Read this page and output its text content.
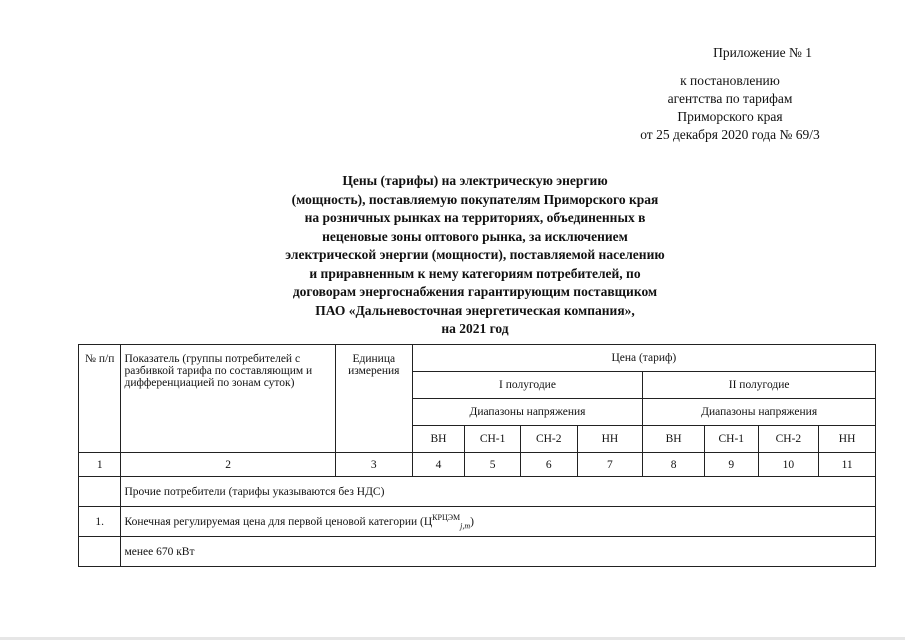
Приложение № 1
к постановлению
агентства по тарифам
Приморского края
от 25 декабря 2020 года № 69/3
Цены (тарифы) на электрическую энергию
(мощность), поставляемую покупателям Приморского края
на розничных рынках на территориях, объединенных в
неценовые зоны оптового рынка, за исключением
электрической энергии (мощности), поставляемой населению
и приравненным к нему категориям потребителей, по
договорам энергоснабжения гарантирующим поставщиком
ПАО «Дальневосточная энергетическая компания»,
на 2021 год
№ п/п	Показатель (группы потребителей с разбивкой тарифа по составляющим и дифференциацией по зонам суток)	Единица измерения	Цена (тариф)							
			I полугодие				II полугодие			
			Диапазоны напряжения				Диапазоны напряжения			
			ВН	СН-1	СН-2	НН	ВН	СН-1	СН-2	НН
1	2	3	4	5	6	7	8	9	10	11
	Прочие потребители (тарифы указываются без НДС)									
1.	Конечная регулируемая цена для первой ценовой категории $(Ц^{КРЦЭМ}_{j,m})$									
	менее 670 кВт									
